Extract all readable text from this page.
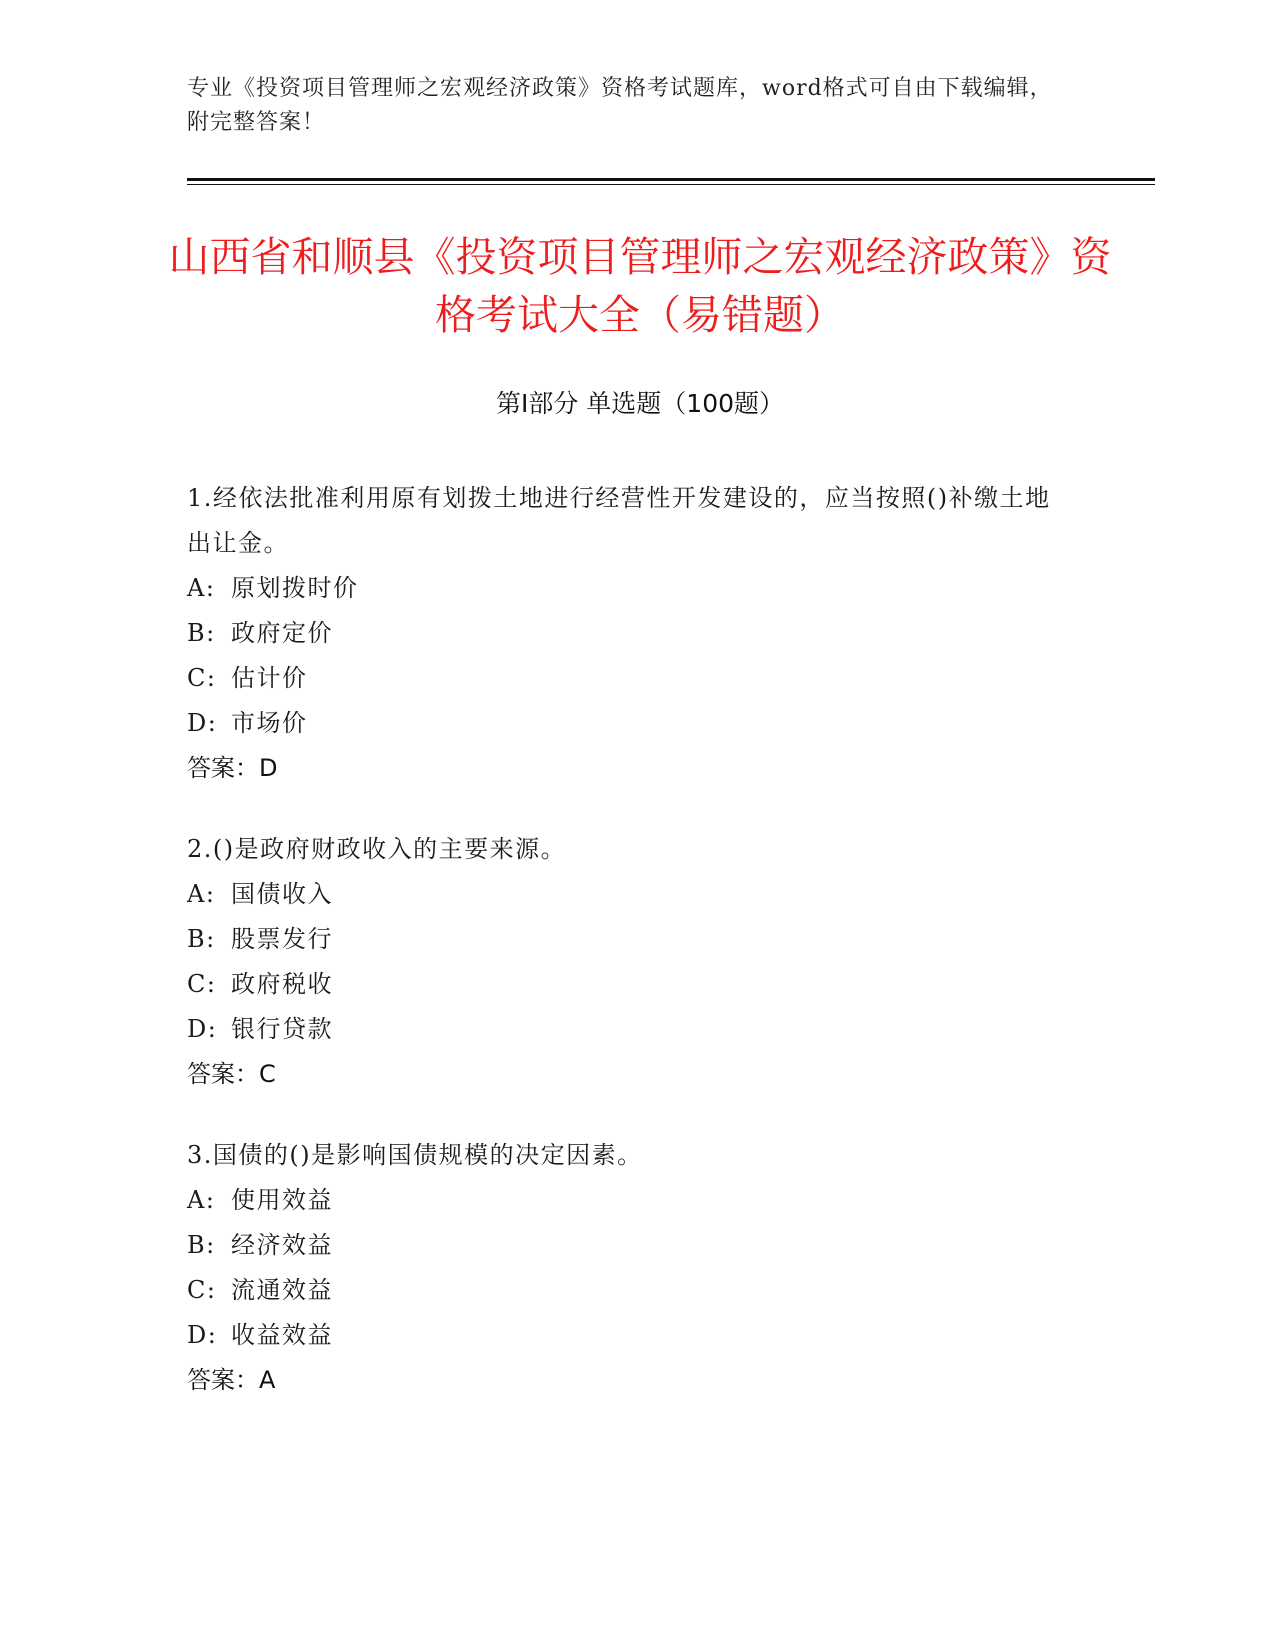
专业《投资项目管理师之宏观经济政策》资格考试题库，word格式可自由下载编辑，附完整答案！
山西省和顺县《投资项目管理师之宏观经济政策》资格考试大全（易错题）
第Ⅰ部分 单选题（100题）
1.经依法批准利用原有划拨土地进行经营性开发建设的，应当按照()补缴土地出让金。
A: 原划拨时价
B: 政府定价
C: 估计价
D: 市场价
答案：D
2.()是政府财政收入的主要来源。
A: 国债收入
B: 股票发行
C: 政府税收
D: 银行贷款
答案：C
3.国债的()是影响国债规模的决定因素。
A: 使用效益
B: 经济效益
C: 流通效益
D: 收益效益
答案：A
